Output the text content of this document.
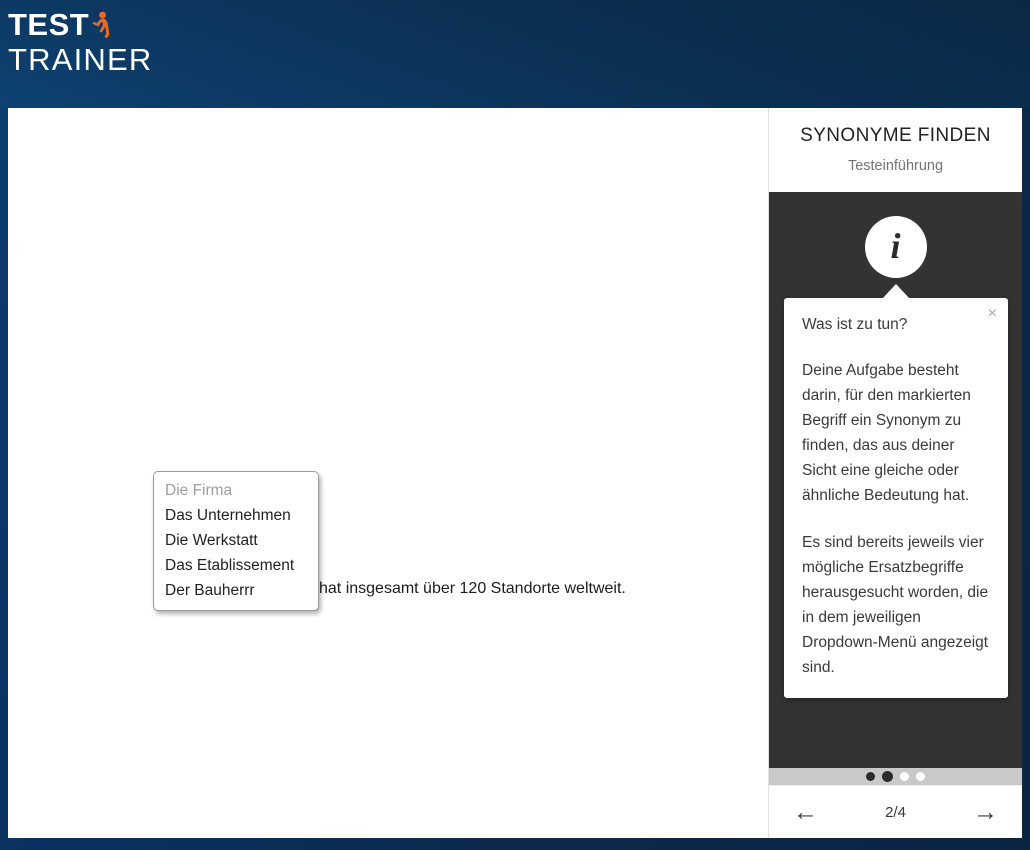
TEST
TRAINER
Die Firma
Das Unternehmen
Die Werkstatt
Das Etablissement
Der Bauherrr	hat insgesamt über 120 Standorte weltweit.
SYNONYME FINDEN
Testeinführung
i
×
Was ist zu tun?
Deine Aufgabe besteht darin, für den markierten Begriff ein Synonym zu finden, das aus deiner Sicht eine gleiche oder ähnliche Bedeutung hat.
Es sind bereits jeweils vier mögliche Ersatzbegriffe herausgesucht worden, die in dem jeweiligen Dropdown-Menü angezeigt sind.
←	2/4	→
